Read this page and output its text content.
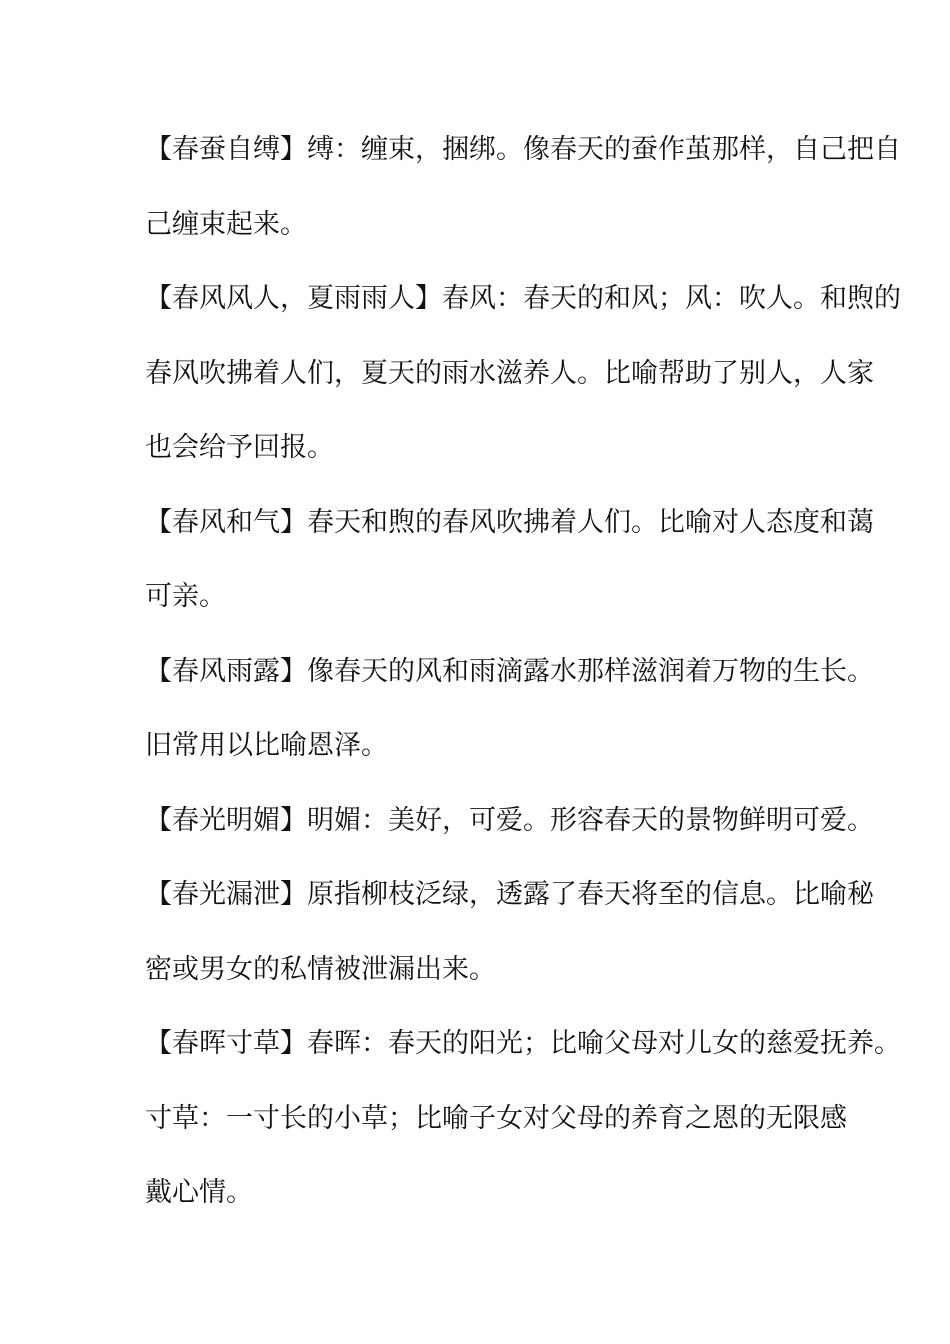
【春蚕自缚】缚：缠束，捆绑。像春天的蚕作茧那样，自己把自
己缠束起来。
【春风风人，夏雨雨人】春风：春天的和风；风：吹人。和煦的
春风吹拂着人们，夏天的雨水滋养人。比喻帮助了别人，人家
也会给予回报。
【春风和气】春天和煦的春风吹拂着人们。比喻对人态度和蔼
可亲。
【春风雨露】像春天的风和雨滴露水那样滋润着万物的生长。
旧常用以比喻恩泽。
【春光明媚】明媚：美好，可爱。形容春天的景物鲜明可爱。
【春光漏泄】原指柳枝泛绿，透露了春天将至的信息。比喻秘
密或男女的私情被泄漏出来。
【春晖寸草】春晖：春天的阳光；比喻父母对儿女的慈爱抚养。
寸草：一寸长的小草；比喻子女对父母的养育之恩的无限感
戴心情。
